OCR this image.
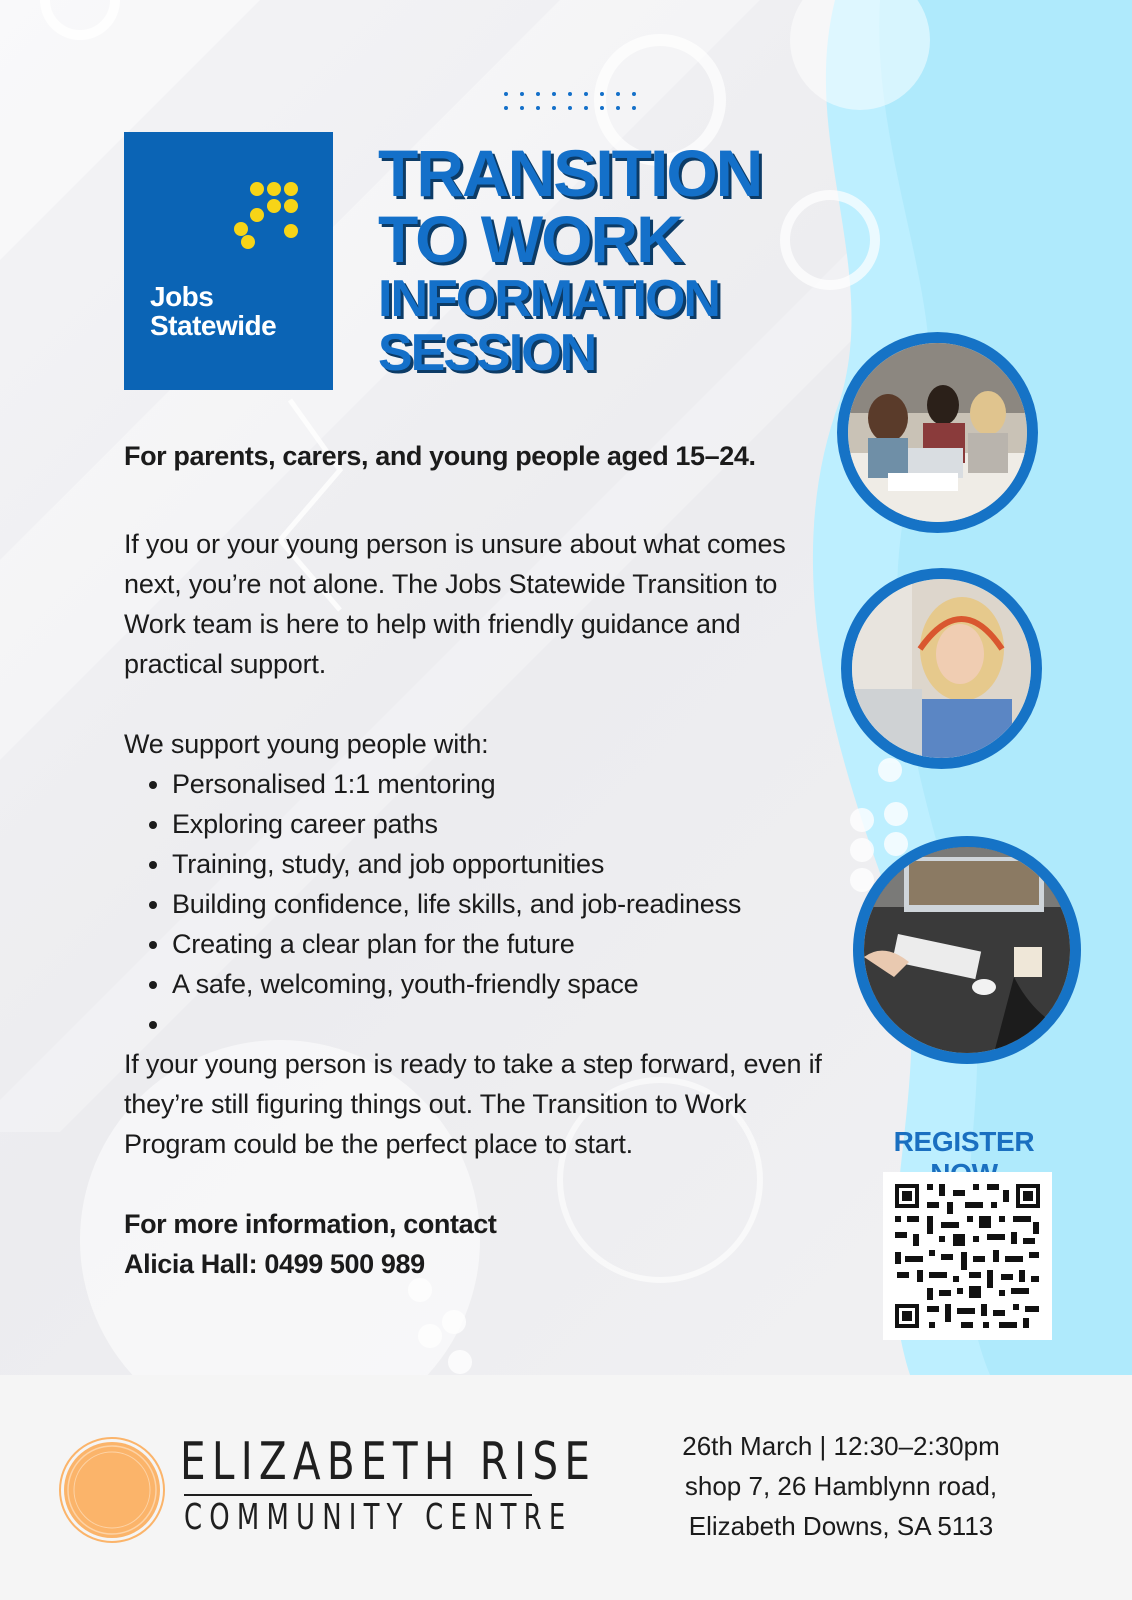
Jobs
Statewide
TRANSITION
TO WORK
INFORMATION
SESSION
For parents, carers, and young people aged 15–24.
If you or your young person is unsure about what comes next, you’re not alone. The Jobs Statewide Transition to Work team is here to help with friendly guidance and practical support.
We support young people with:
• Personalised 1:1 mentoring
• Exploring career paths
• Training, study, and job opportunities
• Building confidence, life skills, and job-readiness
• Creating a clear plan for the future
• A safe, welcoming, youth-friendly space
•
If your young person is ready to take a step forward, even if they’re still figuring things out. The Transition to Work Program could be the perfect place to start.
For more information, contact
Alicia Hall: 0499 500 989
REGISTER
ELIZABETH RISE
COMMUNITY CENTRE
26th March | 12:30–2:30pm
shop 7, 26 Hamblynn road,
Elizabeth Downs, SA 5113
